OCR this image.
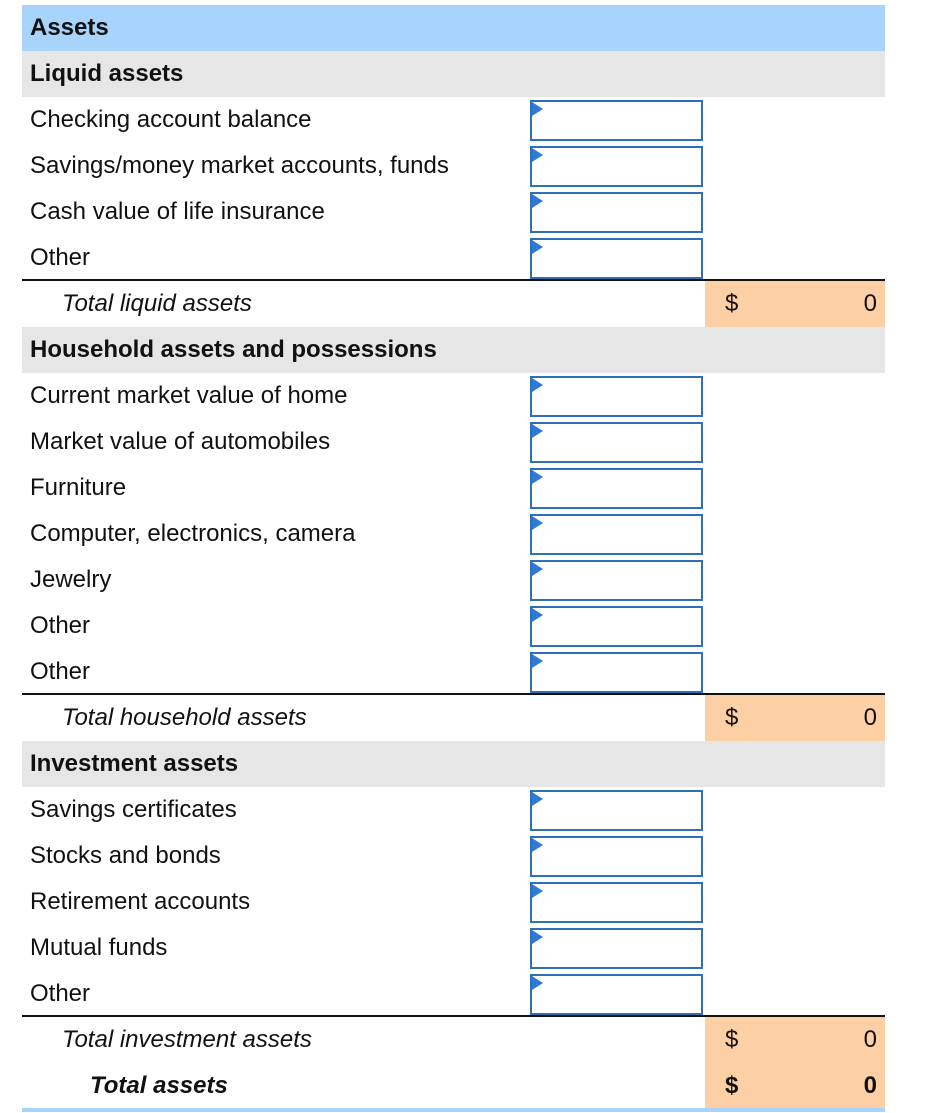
Assets
Liquid assets
Checking account balance
Savings/money market accounts, funds
Cash value of life insurance
Other
Total liquid assets	$	0
Household assets and possessions
Current market value of home
Market value of automobiles
Furniture
Computer, electronics, camera
Jewelry
Other
Other
Total household assets	$	0
Investment assets
Savings certificates
Stocks and bonds
Retirement accounts
Mutual funds
Other
Total investment assets	$	0
Total assets	$	0
